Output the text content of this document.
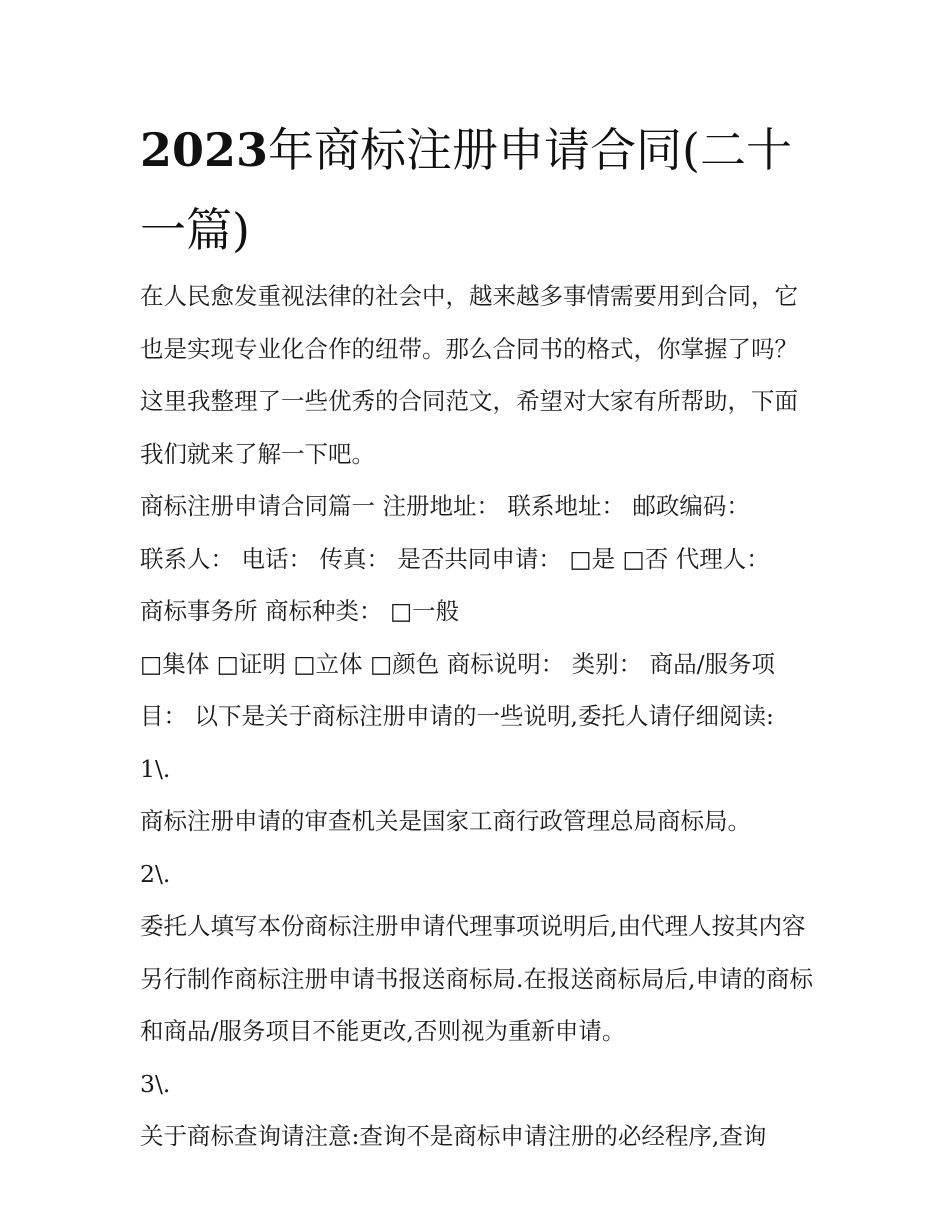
2023年商标注册申请合同(二十一篇)

在人民愈发重视法律的社会中，越来越多事情需要用到合同，它也是实现专业化合作的纽带。那么合同书的格式，你掌握了吗？这里我整理了一些优秀的合同范文，希望对大家有所帮助，下面我们就来了解一下吧。

商标注册申请合同篇一 注册地址： 联系地址： 邮政编码：

联系人： 电话： 传真： 是否共同申请： □是 □否 代理人：

商标事务所 商标种类： □一般

□集体 □证明 □立体 □颜色 商标说明： 类别： 商品/服务项目： 以下是关于商标注册申请的一些说明,委托人请仔细阅读:

1\.

商标注册申请的审查机关是国家工商行政管理总局商标局。

2\.

委托人填写本份商标注册申请代理事项说明后,由代理人按其内容另行制作商标注册申请书报送商标局.在报送商标局后,申请的商标和商品/服务项目不能更改,否则视为重新申请。

3\.

关于商标查询请注意:查询不是商标申请注册的必经程序,查询
